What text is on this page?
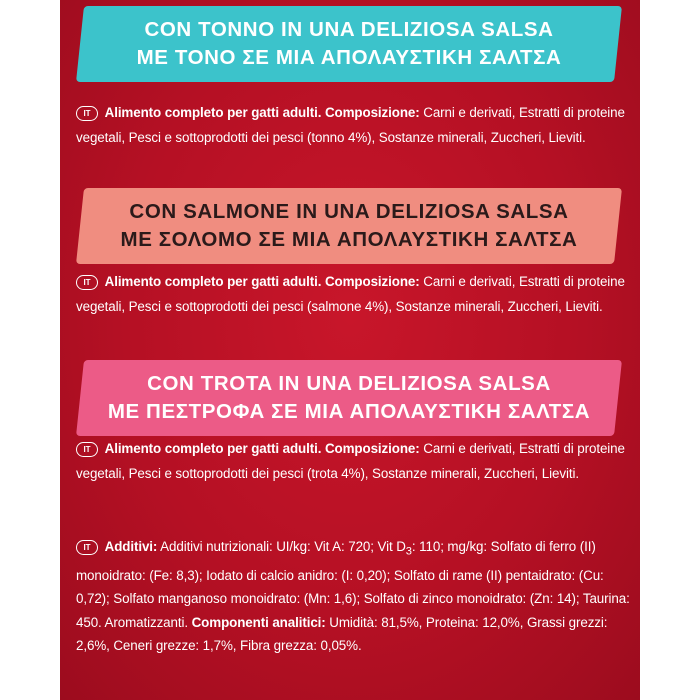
CON TONNO IN UNA DELIZIOSA SALSA
ΜΕ ΤΟΝΟ ΣΕ ΜΙΑ ΑΠΟΛΑΥΣΤΙΚΗ ΣΑΛΤΣΑ
IT Alimento completo per gatti adulti. Composizione: Carni e derivati, Estratti di proteine vegetali, Pesci e sottoprodotti dei pesci (tonno 4%), Sostanze minerali, Zuccheri, Lieviti.
CON SALMONE IN UNA DELIZIOSA SALSA
ΜΕ ΣΟΛΟΜΟ ΣΕ ΜΙΑ ΑΠΟΛΑΥΣΤΙΚΗ ΣΑΛΤΣΑ
IT Alimento completo per gatti adulti. Composizione: Carni e derivati, Estratti di proteine vegetali, Pesci e sottoprodotti dei pesci (salmone 4%), Sostanze minerali, Zuccheri, Lieviti.
CON TROTA IN UNA DELIZIOSA SALSA
ΜΕ ΠΕΣΤΡΟΦΑ ΣΕ ΜΙΑ ΑΠΟΛΑΥΣΤΙΚΗ ΣΑΛΤΣΑ
IT Alimento completo per gatti adulti. Composizione: Carni e derivati, Estratti di proteine vegetali, Pesci e sottoprodotti dei pesci (trota 4%), Sostanze minerali, Zuccheri, Lieviti.
IT Additivi: Additivi nutrizionali: UI/kg: Vit A: 720; Vit $D_3$: 110; mg/kg: Solfato di ferro (II) monoidrato: (Fe: 8,3); Iodato di calcio anidro: (I: 0,20); Solfato di rame (II) pentaidrato: (Cu: 0,72); Solfato manganoso monoidrato: (Mn: 1,6); Solfato di zinco monoidrato: (Zn: 14); Taurina: 450. Aromatizzanti. Componenti analitici: Umidità: 81,5%, Proteina: 12,0%, Grassi grezzi: 2,6%, Ceneri grezze: 1,7%, Fibra grezza: 0,05%.
